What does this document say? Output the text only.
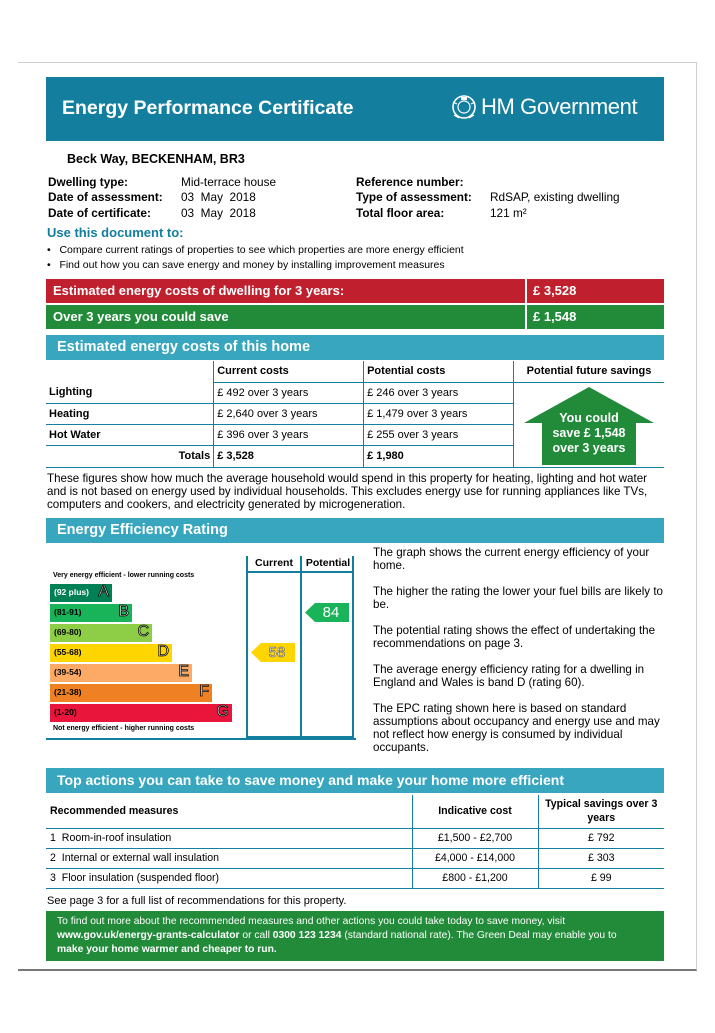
Energy Performance Certificate	HM Government
Beck Way, BECKENHAM, BR3
Dwelling type:	Mid-terrace house
Date of assessment: 03  May  2018
Date of certificate:	03  May  2018
Reference number:
Type of assessment: RdSAP, existing dwelling
Total floor area:	121 m²
Use this document to:
•   Compare current ratings of properties to see which properties are more energy efficient
•   Find out how you can save energy and money by installing improvement measures
Estimated energy costs of dwelling for 3 years:	£ 3,528
Over 3 years you could save	£ 1,548
Estimated energy costs of this home
	Current costs	Potential costs	Potential future savings
Lighting	£ 492 over 3 years	£ 246 over 3 years	You could
save £ 1,548
over 3 years

Heating	£ 2,640 over 3 years	£ 1,479 over 3 years	
Hot Water	£ 396 over 3 years	£ 255 over 3 years	
Totals	£ 3,528	£ 1,980	
These figures show how much the average household would spend in this property for heating, lighting and hot water and is not based on energy used by individual households. This excludes energy use for running appliances like TVs, computers and cookers, and electricity generated by microgeneration.
Energy Efficiency Rating
Current	Potential
Very energy efficient - lower running costs
Not energy efficient - higher running costs
(92 plus) A
(81-91) B
(69-80)	C
(55-68)	D
(39-54)	E
(21-38)	F
(1-20)	G
58
84
The graph shows the current energy efficiency of your home.
The higher the rating the lower your fuel bills are likely to be.
The potential rating shows the effect of undertaking the recommendations on page 3.
The average energy efficiency rating for a dwelling in England and Wales is band D (rating 60).
The EPC rating shown here is based on standard assumptions about occupancy and energy use and may not reflect how energy is consumed by individual occupants.
Top actions you can take to save money and make your home more efficient
Recommended measures	Indicative cost	Typical savings over 3 years
1 Room-in-roof insulation	£1,500 - £2,700	£ 792
2 Internal or external wall insulation	£4,000 - £14,000	£ 303
3 Floor insulation (suspended floor)	£800 - £1,200	£ 99
See page 3 for a full list of recommendations for this property.
To find out more about the recommended measures and other actions you could take today to save money, visit
www.gov.uk/energy-grants-calculator or call 0300 123 1234 (standard national rate). The Green Deal may enable you to
make your home warmer and cheaper to run.
